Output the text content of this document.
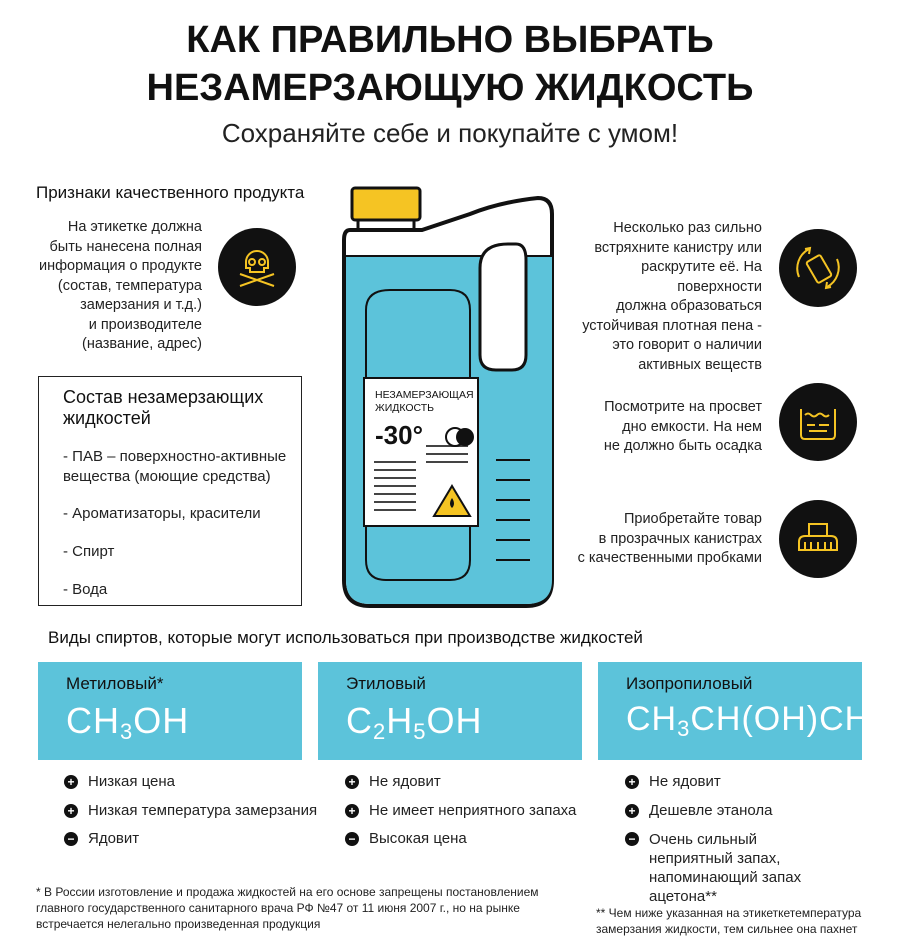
КАК ПРАВИЛЬНО ВЫБРАТЬ
НЕЗАМЕРЗАЮЩУЮ ЖИДКОСТЬ
Сохраняйте себе и покупайте с умом!
Признаки качественного продукта
На этикетке должна
быть нанесена полная
информация о продукте
(состав, температура
замерзания и т.д.)
и производителе
(название, адрес)
Состав незамерзающих
жидкостей
- ПАВ – поверхностно-активные
вещества (моющие средства)
- Ароматизаторы, красители
- Спирт
- Вода
НЕЗАМЕРЗАЮЩАЯ
ЖИДКОСТЬ
-30°
Несколько раз сильно
встряхните канистру или
раскрутите её. На поверхности
должна образоваться
устойчивая плотная пена -
это говорит о наличии
активных веществ
Посмотрите на просвет
дно емкости. На нем
не должно быть осадка
Приобретайте товар
в прозрачных канистрах
с качественными пробками
Виды спиртов, которые могут использоваться при производстве жидкостей
Метиловый*
$CH_3OH$
+ Низкая цена
+ Низкая температура замерзания
− Ядовит
Этиловый
$C_2H_5OH$
+ Не ядовит
+ Не имеет неприятного запаха
− Высокая цена
Изопропиловый
$CH_3CH(OH)CH_3$
+ Не ядовит
+ Дешевле этанола
− Очень сильный неприятный запах, напоминающий запах ацетона**
* В России изготовление и продажа жидкостей на его основе запрещены постановлением
главного государственного санитарного врача РФ №47 от 11 июня 2007 г., но на рынке
встречается нелегально произведенная продукция
** Чем ниже указанная на этикеткетемпература
замерзания жидкости, тем сильнее она пахнет
